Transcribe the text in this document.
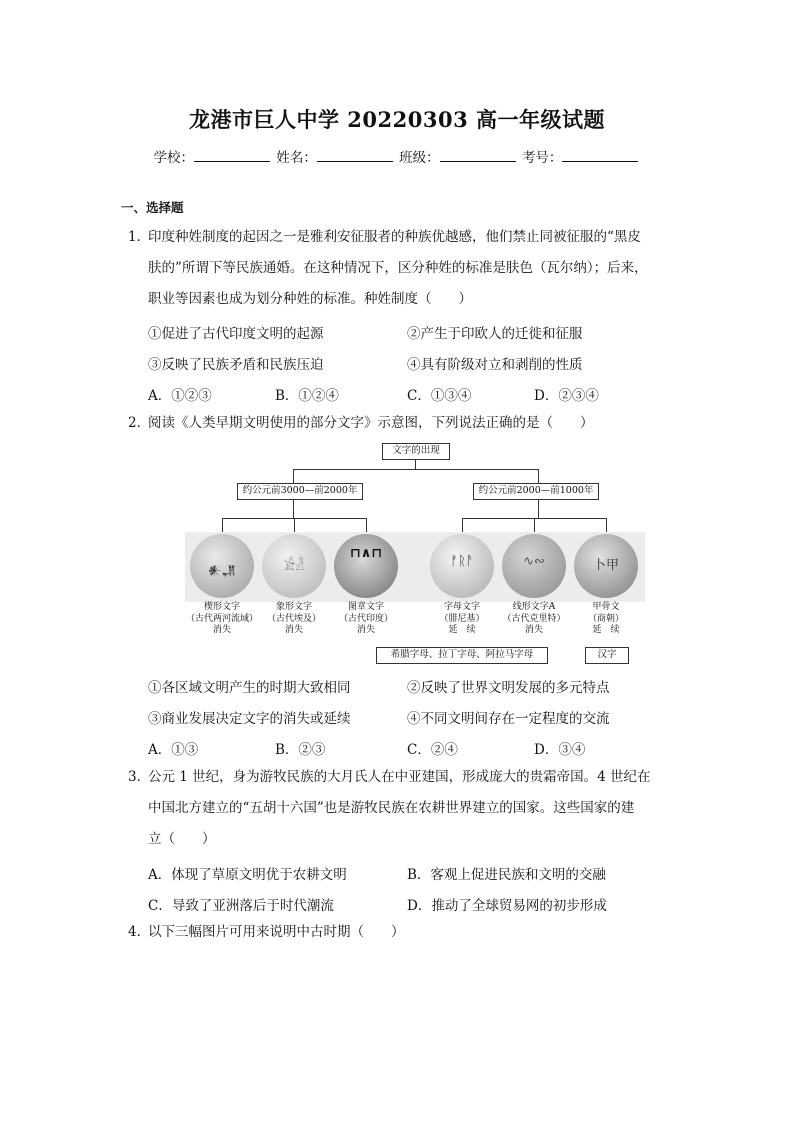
龙港市巨人中学 20220303 高一年级试题
学校：	姓名：	班级：	考号：
一、选择题
1．印度种姓制度的起因之一是雅利安征服者的种族优越感，他们禁止同被征服的“黑皮
肤的”所谓下等民族通婚。在这种情况下，区分种姓的标准是肤色（瓦尔纳）；后来，
职业等因素也成为划分种姓的标准。种姓制度（　　）
①促进了古代印度文明的起源	②产生于印欧人的迁徙和征服
③反映了民族矛盾和民族压迫	④具有阶级对立和剥削的性质
A．①②③	B．①②④	C．①③④	D．②③④
2．阅读《人类早期文明使用的部分文字》示意图，下列说法正确的是（　　）
文字的出现
约公元前3000—前2000年	约公元前2000—前1000年
𒀭𒂗	𓀀𓁐
⊓∧⊓
ᚠᚱᚨ	∿∾	卜甲
楔形文字
（古代两河流域）
消失
象形文字
（古代埃及）
消失
图章文字
（古代印度）
消失
字母文字
（腓尼基）
延　续
线形文字A
（古代克里特）
消失
甲骨文
（商朝）
延　续
希腊字母、拉丁字母、阿拉马字母	汉字
①各区域文明产生的时期大致相同	②反映了世界文明发展的多元特点
③商业发展决定文字的消失或延续	④不同文明间存在一定程度的交流
A．①③	B．②③	C．②④	D．③④
3．公元 1 世纪，身为游牧民族的大月氏人在中亚建国，形成庞大的贵霜帝国。4 世纪在
中国北方建立的“五胡十六国”也是游牧民族在农耕世界建立的国家。这些国家的建
立（　　）
A．体现了草原文明优于农耕文明	B．客观上促进民族和文明的交融
C．导致了亚洲落后于时代潮流	D．推动了全球贸易网的初步形成
4．以下三幅图片可用来说明中古时期（　　）
